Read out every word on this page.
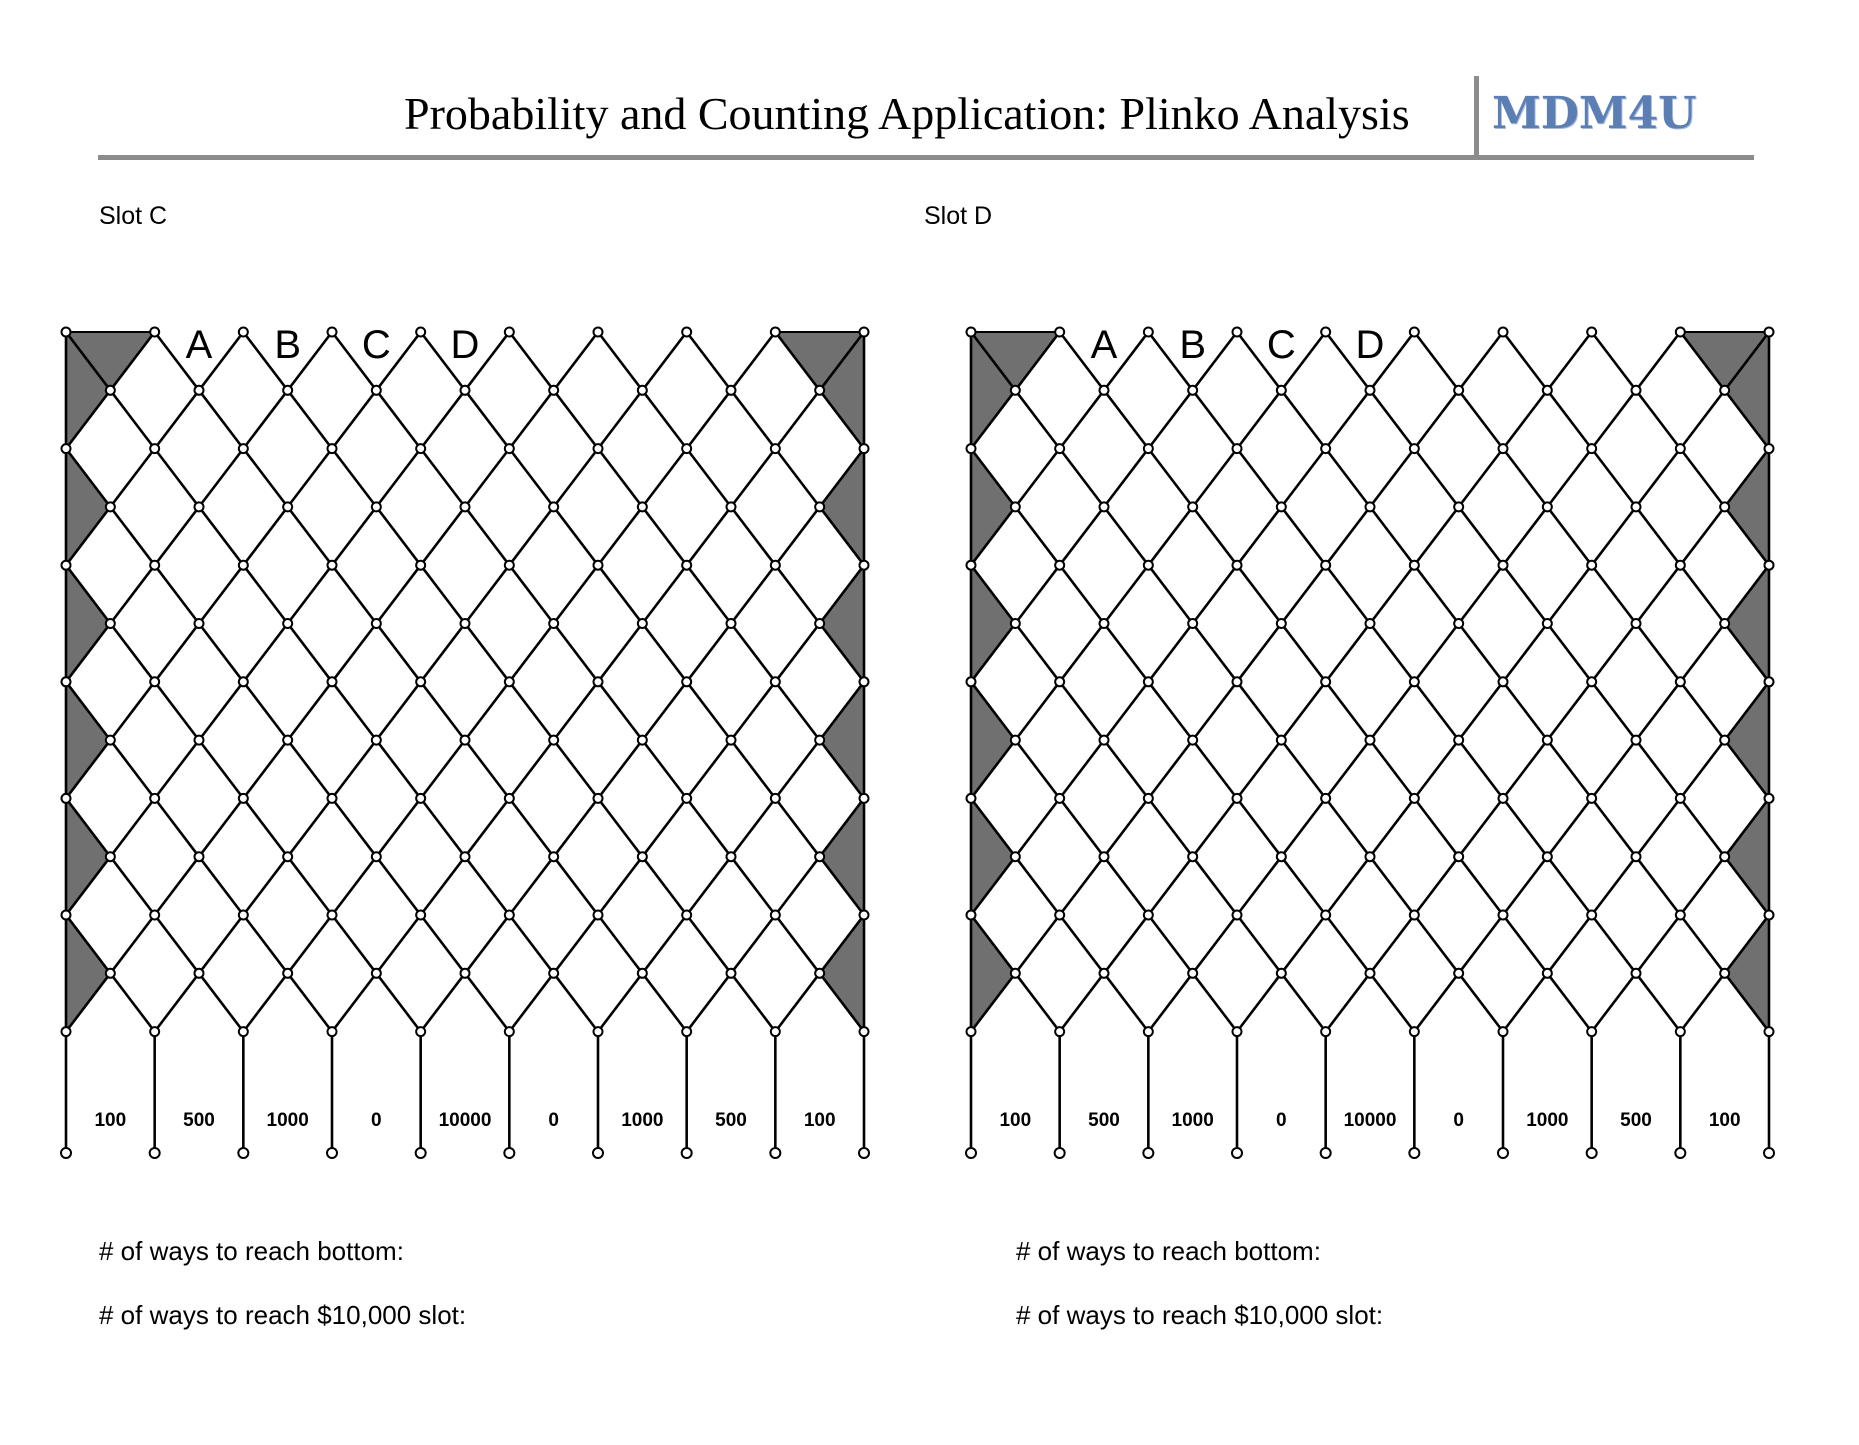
Probability and Counting Application: Plinko Analysis MDM4U
Slot C	Slot D
A B C D
100	500	1000	0	10000	0	1000	500	100
A B C D
100	500	1000	0	10000	0	1000	500	100
# of ways to reach bottom:
# of ways to reach $10,000 slot:
# of ways to reach bottom:
# of ways to reach $10,000 slot:
